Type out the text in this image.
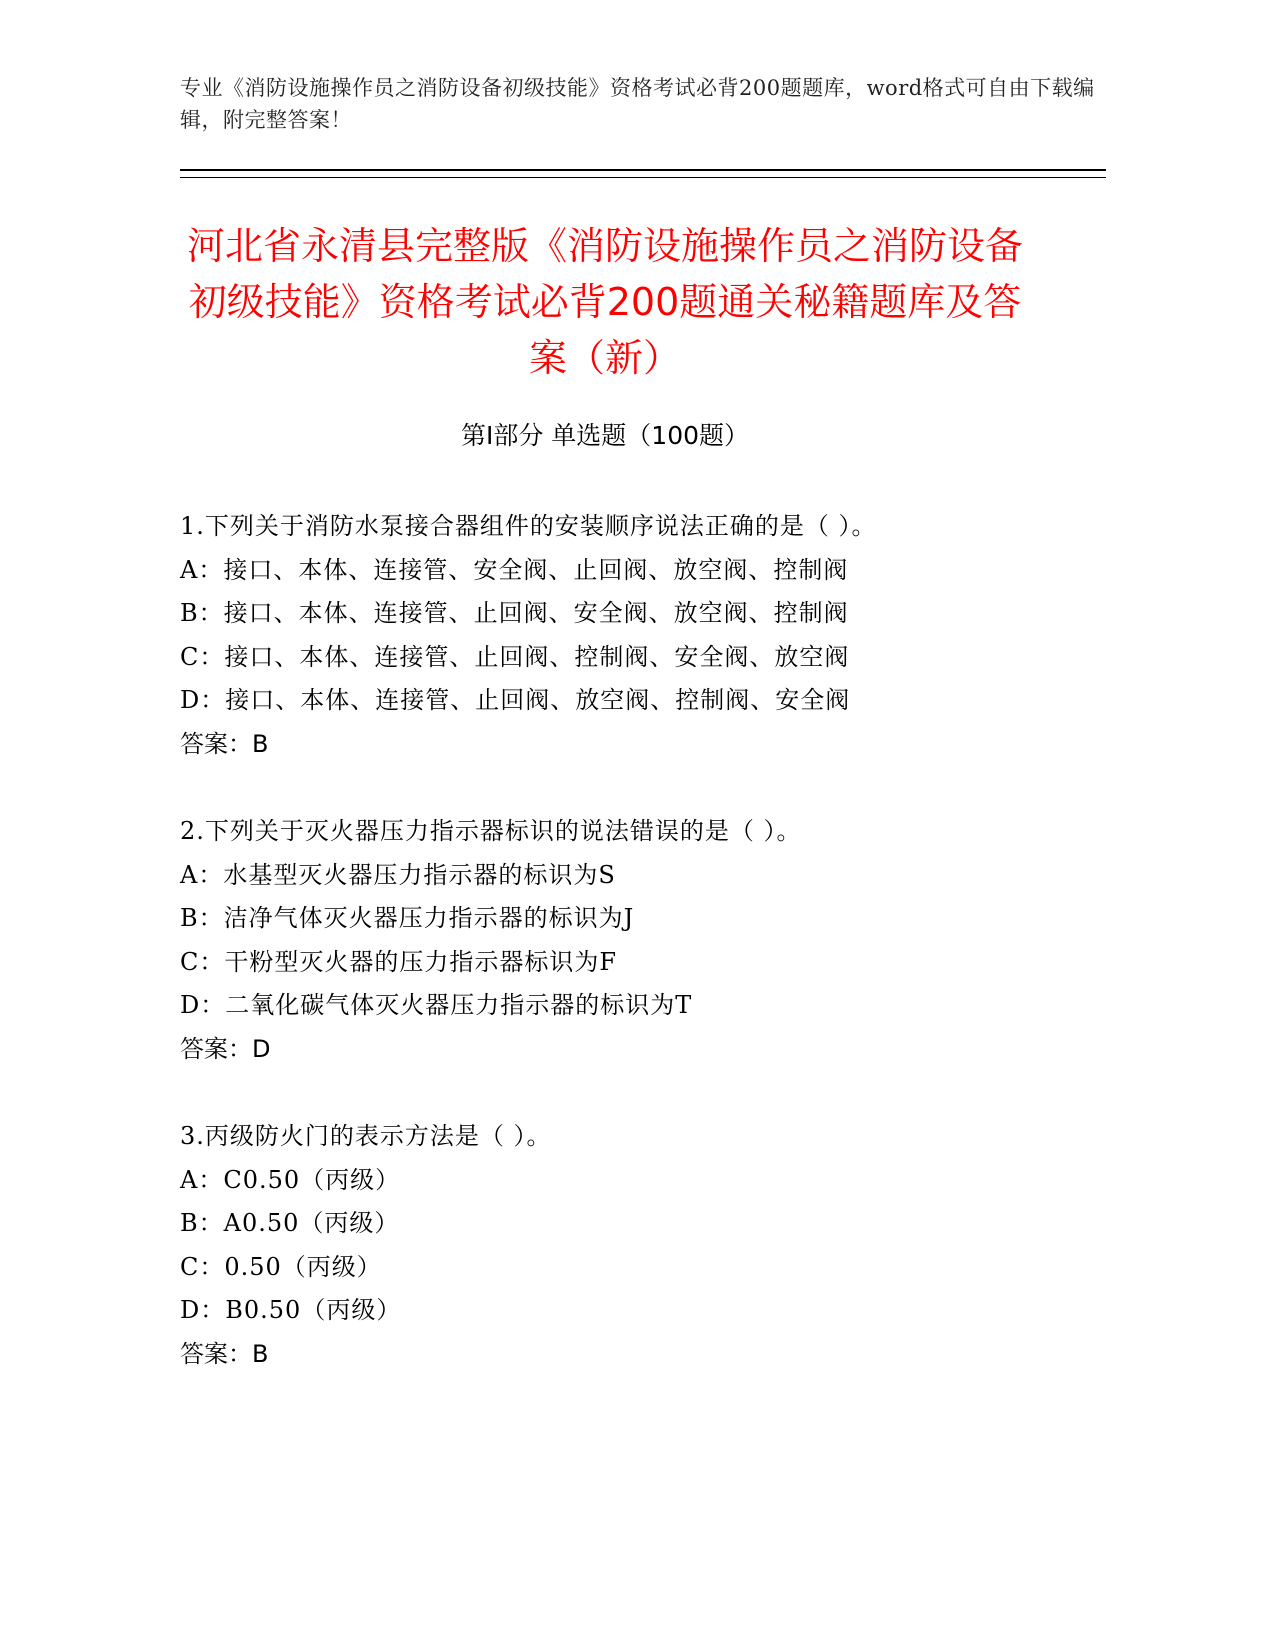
专业《消防设施操作员之消防设备初级技能》资格考试必背200题题库，word格式可自由下载编辑，附完整答案！
河北省永清县完整版《消防设施操作员之消防设备初级技能》资格考试必背200题通关秘籍题库及答案（新）
第Ⅰ部分 单选题（100题）
1.下列关于消防水泵接合器组件的安装顺序说法正确的是（ ）。
A：接口、本体、连接管、安全阀、止回阀、放空阀、控制阀
B：接口、本体、连接管、止回阀、安全阀、放空阀、控制阀
C：接口、本体、连接管、止回阀、控制阀、安全阀、放空阀
D：接口、本体、连接管、止回阀、放空阀、控制阀、安全阀
答案：B
2.下列关于灭火器压力指示器标识的说法错误的是（ ）。
A：水基型灭火器压力指示器的标识为S
B：洁净气体灭火器压力指示器的标识为J
C：干粉型灭火器的压力指示器标识为F
D：二氧化碳气体灭火器压力指示器的标识为T
答案：D
3.丙级防火门的表示方法是（ ）。
A：C0.50（丙级）
B：A0.50（丙级）
C：0.50（丙级）
D：B0.50（丙级）
答案：B
